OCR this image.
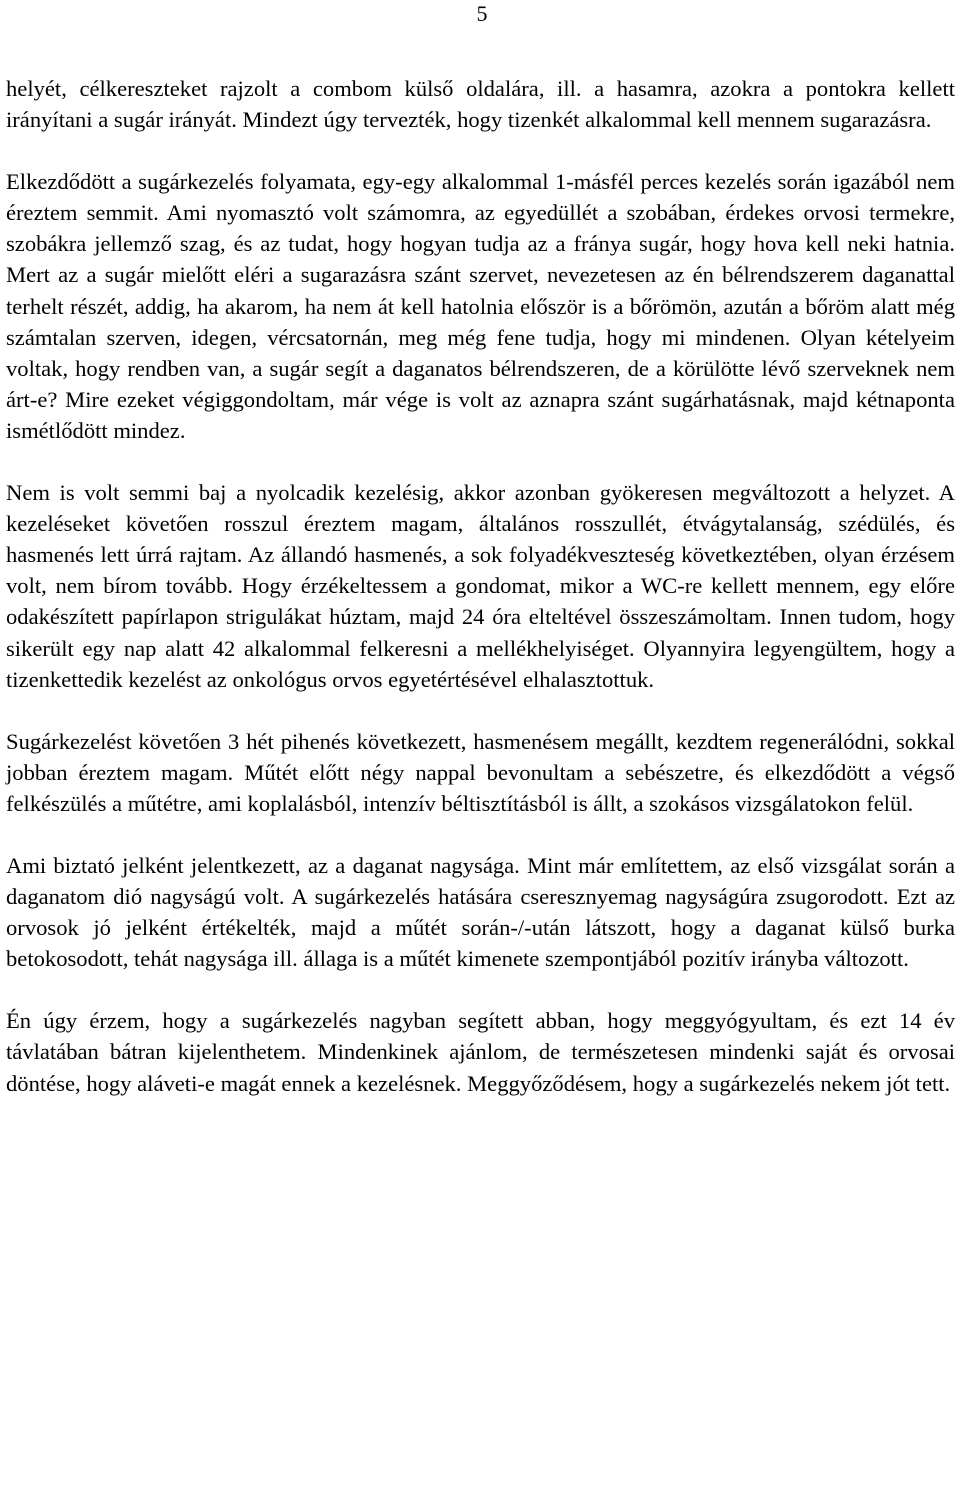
5

helyét, célkereszteket rajzolt a combom külső oldalára, ill. a hasamra, azokra a pontokra kellett irányítani a sugár irányát. Mindezt úgy tervezték, hogy tizenkét alkalommal kell mennem sugarazásra.

Elkezdődött a sugárkezelés folyamata, egy-egy alkalommal 1-másfél perces kezelés során igazából nem éreztem semmit. Ami nyomasztó volt számomra, az egyedüllét a szobában, érdekes orvosi termekre, szobákra jellemző szag, és az tudat, hogy hogyan tudja az a fránya sugár, hogy hova kell neki hatnia. Mert az a sugár mielőtt eléri a sugarazásra szánt szervet, nevezetesen az én bélrendszerem daganattal terhelt részét, addig, ha akarom, ha nem át kell hatolnia először is a bőrömön, azután a bőröm alatt még számtalan szerven, idegen, vércsatornán, meg még fene tudja, hogy mi mindenen. Olyan kételyeim voltak, hogy rendben van, a sugár segít a daganatos bélrendszeren, de a körülötte lévő szerveknek nem árt-e? Mire ezeket végiggondoltam, már vége is volt az aznapra szánt sugárhatásnak, majd kétnaponta ismétlődött mindez.

Nem is volt semmi baj a nyolcadik kezelésig, akkor azonban gyökeresen megváltozott a helyzet. A kezeléseket követően rosszul éreztem magam, általános rosszullét, étvágytalanság, szédülés, és hasmenés lett úrrá rajtam. Az állandó hasmenés, a sok folyadékveszteség következtében, olyan érzésem volt, nem bírom tovább. Hogy érzékeltessem a gondomat, mikor a WC-re kellett mennem, egy előre odakészített papírlapon strigulákat húztam, majd 24 óra elteltével összeszámoltam. Innen tudom, hogy sikerült egy nap alatt 42 alkalommal felkeresni a mellékhelyiséget. Olyannyira legyengültem, hogy a tizenkettedik kezelést az onkológus orvos egyetértésével elhalasztottuk.

Sugárkezelést követően 3 hét pihenés következett, hasmenésem megállt, kezdtem regenerálódni, sokkal jobban éreztem magam. Műtét előtt négy nappal bevonultam a sebészetre, és elkezdődött a végső felkészülés a műtétre, ami koplalásból, intenzív béltisztításból is állt, a szokásos vizsgálatokon felül.

Ami biztató jelként jelentkezett, az a daganat nagysága. Mint már említettem, az első vizsgálat során a daganatom dió nagyságú volt. A sugárkezelés hatására cseresznyemag nagyságúra zsugorodott. Ezt az orvosok jó jelként értékelték, majd a műtét során-/-után látszott, hogy a daganat külső burka betokosodott, tehát nagysága ill. állaga is a műtét kimenete szempontjából pozitív irányba változott.

Én úgy érzem, hogy a sugárkezelés nagyban segített abban, hogy meggyógyultam, és ezt 14 év távlatában bátran kijelenthetem. Mindenkinek ajánlom, de természetesen mindenki saját és orvosai döntése, hogy aláveti-e magát ennek a kezelésnek. Meggyőződésem, hogy a sugárkezelés nekem jót tett.
